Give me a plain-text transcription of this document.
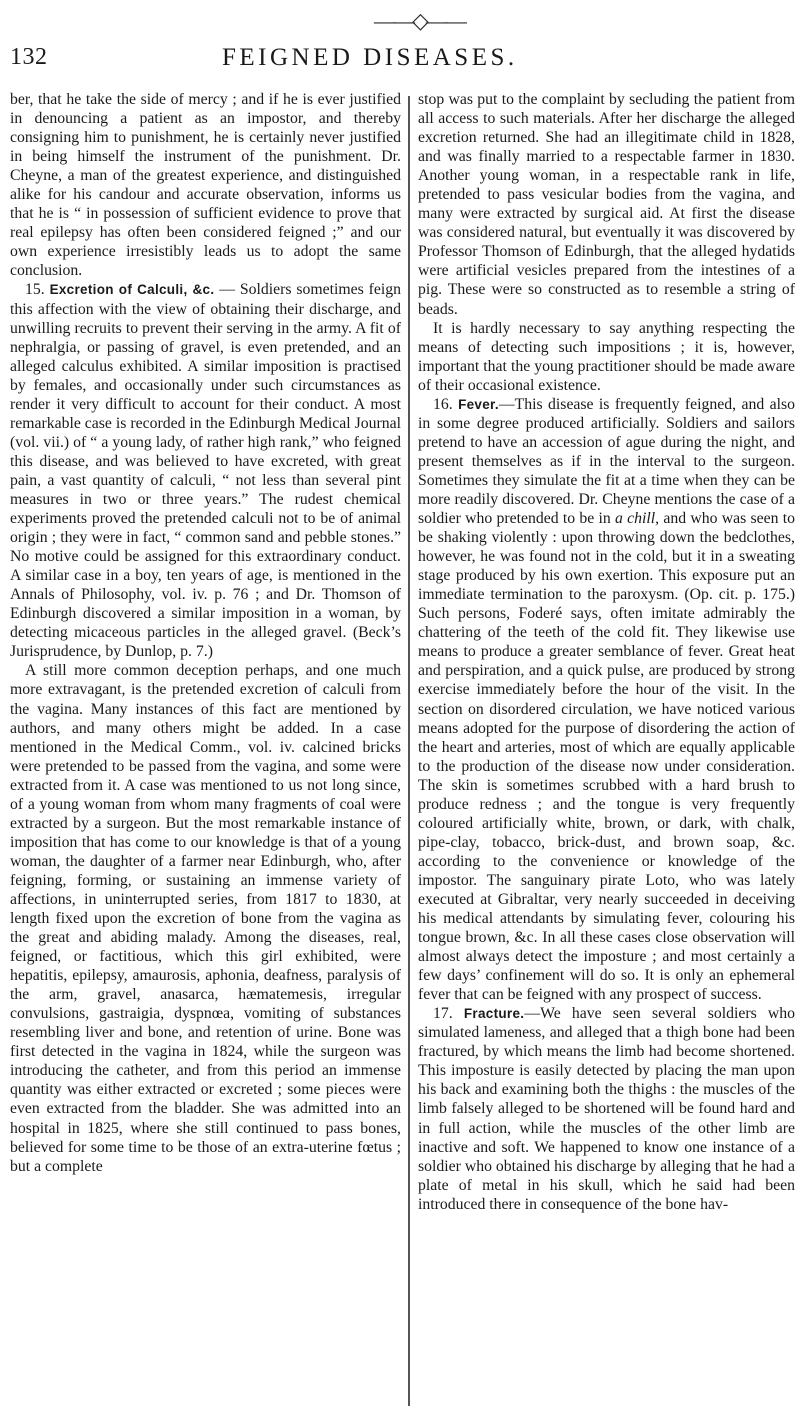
——◇——
132	FEIGNED DISEASES.

ber, that he take the side of mercy ; and if he is ever justified in denouncing a patient as an impostor, and thereby consigning him to punishment, he is certainly never justified in being himself the instrument of the punishment. Dr. Cheyne, a man of the greatest experience, and distinguished alike for his candour and accurate observation, informs us that he is “ in possession of sufficient evidence to prove that real epilepsy has often been considered feigned ;” and our own experience irresistibly leads us to adopt the same conclusion.

15. Excretion of Calculi, &c. — Soldiers sometimes feign this affection with the view of obtaining their discharge, and unwilling recruits to prevent their serving in the army. A fit of nephralgia, or passing of gravel, is even pretended, and an alleged calculus exhibited. A similar imposition is practised by females, and occasionally under such circumstances as render it very difficult to account for their conduct. A most remarkable case is recorded in the Edinburgh Medical Journal (vol. vii.) of “ a young lady, of rather high rank,” who feigned this disease, and was believed to have excreted, with great pain, a vast quantity of calculi, “ not less than several pint measures in two or three years.” The rudest chemical experiments proved the pretended calculi not to be of animal origin ; they were in fact, “ common sand and pebble stones.” No motive could be assigned for this extraordinary conduct. A similar case in a boy, ten years of age, is mentioned in the Annals of Philosophy, vol. iv. p. 76 ; and Dr. Thomson of Edinburgh discovered a similar imposition in a woman, by detecting micaceous particles in the alleged gravel. (Beck’s Jurisprudence, by Dunlop, p. 7.)

A still more common deception perhaps, and one much more extravagant, is the pretended excretion of calculi from the vagina. Many instances of this fact are mentioned by authors, and many others might be added. In a case mentioned in the Medical Comm., vol. iv. calcined bricks were pretended to be passed from the vagina, and some were extracted from it. A case was mentioned to us not long since, of a young woman from whom many fragments of coal were extracted by a surgeon. But the most remarkable instance of imposition that has come to our knowledge is that of a young woman, the daughter of a farmer near Edinburgh, who, after feigning, forming, or sustaining an immense variety of affections, in uninterrupted series, from 1817 to 1830, at length fixed upon the excretion of bone from the vagina as the great and abiding malady. Among the diseases, real, feigned, or factitious, which this girl exhibited, were hepatitis, epilepsy, amaurosis, aphonia, deafness, paralysis of the arm, gravel, anasarca, hæmatemesis, irregular convulsions, gastraigia, dyspnœa, vomiting of substances resembling liver and bone, and retention of urine. Bone was first detected in the vagina in 1824, while the surgeon was introducing the catheter, and from this period an immense quantity was either extracted or excreted ; some pieces were even extracted from the bladder. She was admitted into an hospital in 1825, where she still continued to pass bones, believed for some time to be those of an extra-uterine fœtus ; but a complete

stop was put to the complaint by secluding the patient from all access to such materials. After her discharge the alleged excretion returned. She had an illegitimate child in 1828, and was finally married to a respectable farmer in 1830. Another young woman, in a respectable rank in life, pretended to pass vesicular bodies from the vagina, and many were extracted by surgical aid. At first the disease was considered natural, but eventually it was discovered by Professor Thomson of Edinburgh, that the alleged hydatids were artificial vesicles prepared from the intestines of a pig. These were so constructed as to resemble a string of beads.

It is hardly necessary to say anything respecting the means of detecting such impositions ; it is, however, important that the young practitioner should be made aware of their occasional existence.

16. Fever.—This disease is frequently feigned, and also in some degree produced artificially. Soldiers and sailors pretend to have an accession of ague during the night, and present themselves as if in the interval to the surgeon. Sometimes they simulate the fit at a time when they can be more readily discovered. Dr. Cheyne mentions the case of a soldier who pretended to be in a chill, and who was seen to be shaking violently : upon throwing down the bedclothes, however, he was found not in the cold, but it in a sweating stage produced by his own exertion. This exposure put an immediate termination to the paroxysm. (Op. cit. p. 175.) Such persons, Foderé says, often imitate admirably the chattering of the teeth of the cold fit. They likewise use means to produce a greater semblance of fever. Great heat and perspiration, and a quick pulse, are produced by strong exercise immediately before the hour of the visit. In the section on disordered circulation, we have noticed various means adopted for the purpose of disordering the action of the heart and arteries, most of which are equally applicable to the production of the disease now under consideration. The skin is sometimes scrubbed with a hard brush to produce redness ; and the tongue is very frequently coloured artificially white, brown, or dark, with chalk, pipe-clay, tobacco, brick-dust, and brown soap, &c. according to the convenience or knowledge of the impostor. The sanguinary pirate Loto, who was lately executed at Gibraltar, very nearly succeeded in deceiving his medical attendants by simulating fever, colouring his tongue brown, &c. In all these cases close observation will almost always detect the imposture ; and most certainly a few days’ confinement will do so. It is only an ephemeral fever that can be feigned with any prospect of success.

17. Fracture.—We have seen several soldiers who simulated lameness, and alleged that a thigh bone had been fractured, by which means the limb had become shortened. This imposture is easily detected by placing the man upon his back and examining both the thighs : the muscles of the limb falsely alleged to be shortened will be found hard and in full action, while the muscles of the other limb are inactive and soft. We happened to know one instance of a soldier who obtained his discharge by alleging that he had a plate of metal in his skull, which he said had been introduced there in consequence of the bone hav-
